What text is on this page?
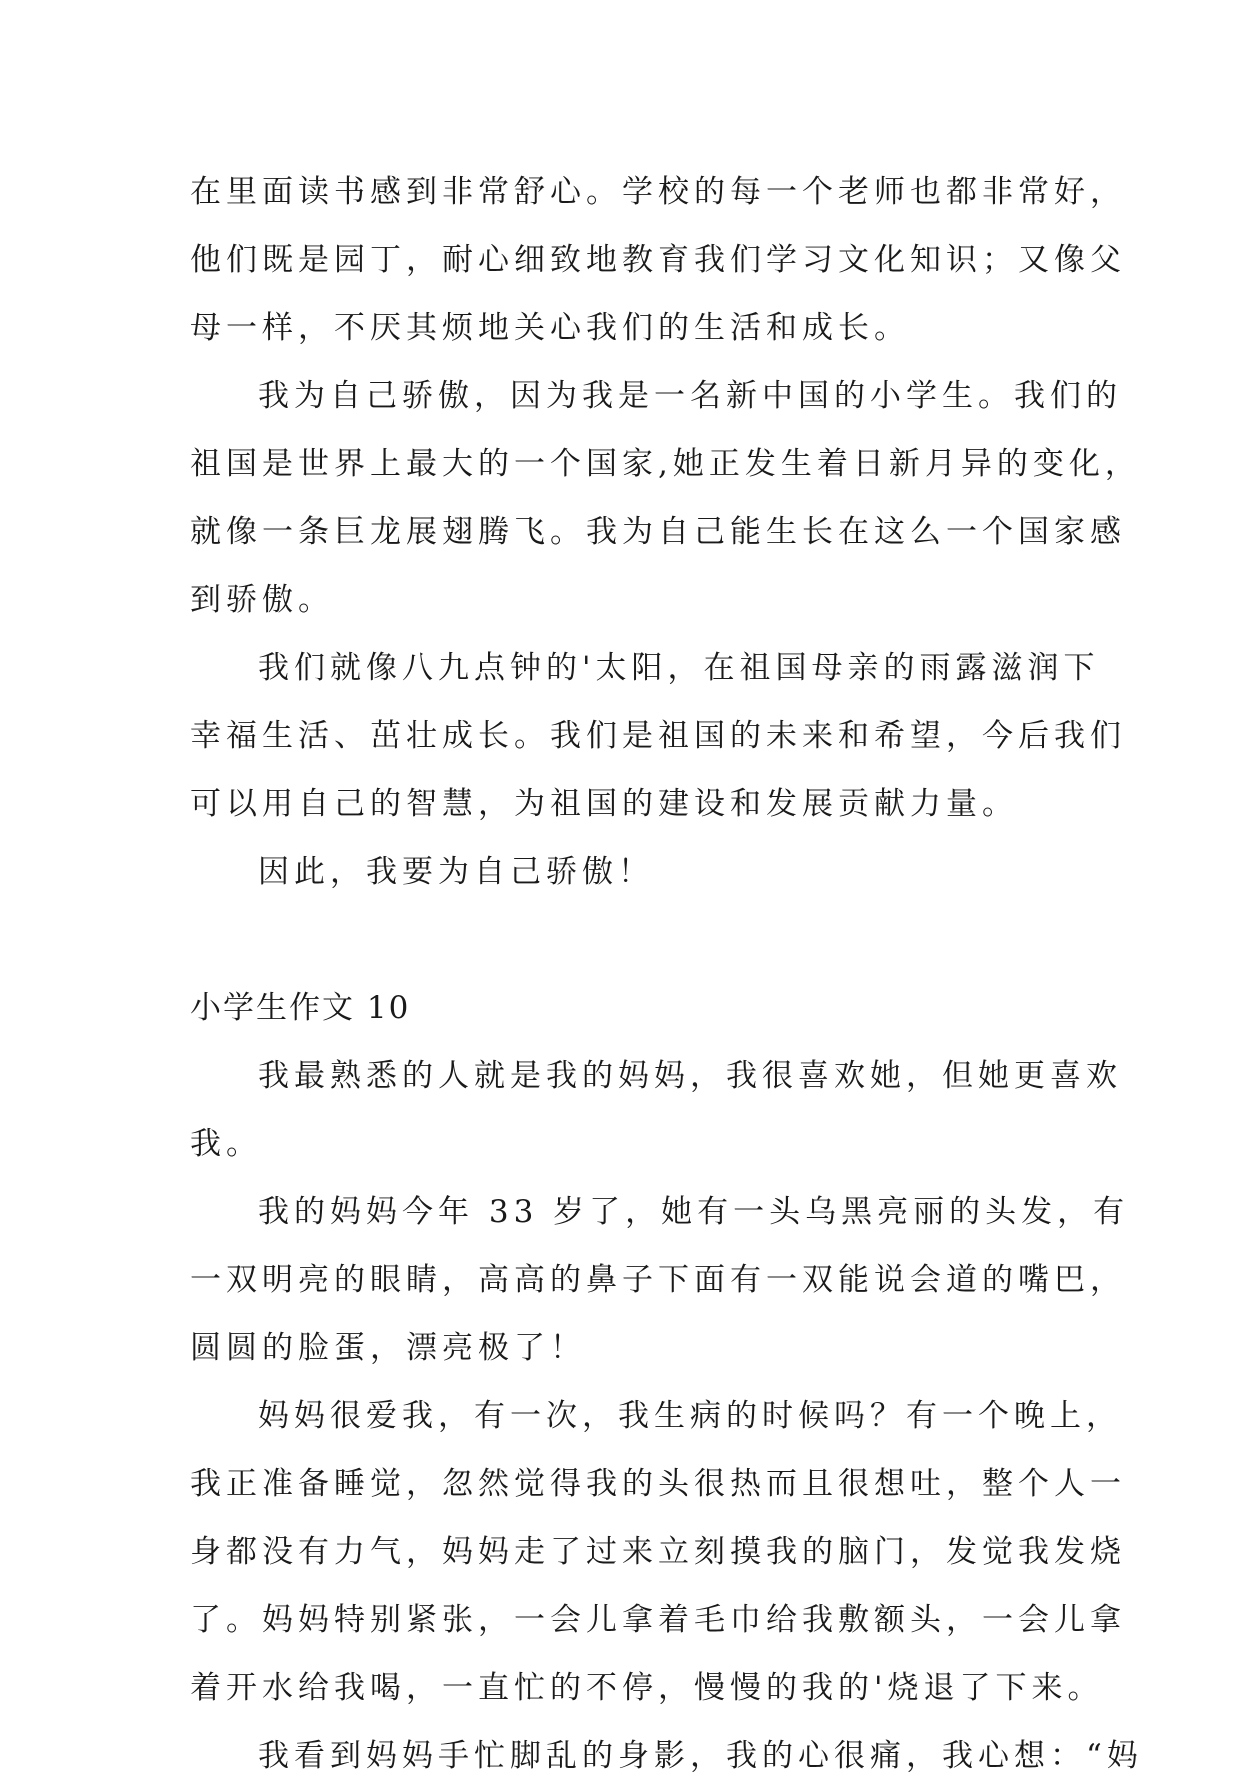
在里面读书感到非常舒心。学校的每一个老师也都非常好，
他们既是园丁，耐心细致地教育我们学习文化知识；又像父
母一样，不厌其烦地关心我们的生活和成长。
我为自己骄傲，因为我是一名新中国的小学生。我们的
祖国是世界上最大的一个国家,她正发生着日新月异的变化，
就像一条巨龙展翅腾飞。我为自己能生长在这么一个国家感
到骄傲。
我们就像八九点钟的'太阳，在祖国母亲的雨露滋润下
幸福生活、茁壮成长。我们是祖国的未来和希望，今后我们
可以用自己的智慧，为祖国的建设和发展贡献力量。
因此，我要为自己骄傲！
小学生作文 10
我最熟悉的人就是我的妈妈，我很喜欢她，但她更喜欢
我。
我的妈妈今年 33 岁了，她有一头乌黑亮丽的头发，有
一双明亮的眼睛，高高的鼻子下面有一双能说会道的嘴巴，
圆圆的脸蛋，漂亮极了！
妈妈很爱我，有一次，我生病的时候吗？有一个晚上，
我正准备睡觉，忽然觉得我的头很热而且很想吐，整个人一
身都没有力气，妈妈走了过来立刻摸我的脑门，发觉我发烧
了。妈妈特别紧张，一会儿拿着毛巾给我敷额头，一会儿拿
着开水给我喝，一直忙的不停，慢慢的我的'烧退了下来。
我看到妈妈手忙脚乱的身影，我的心很痛，我心想：“妈
